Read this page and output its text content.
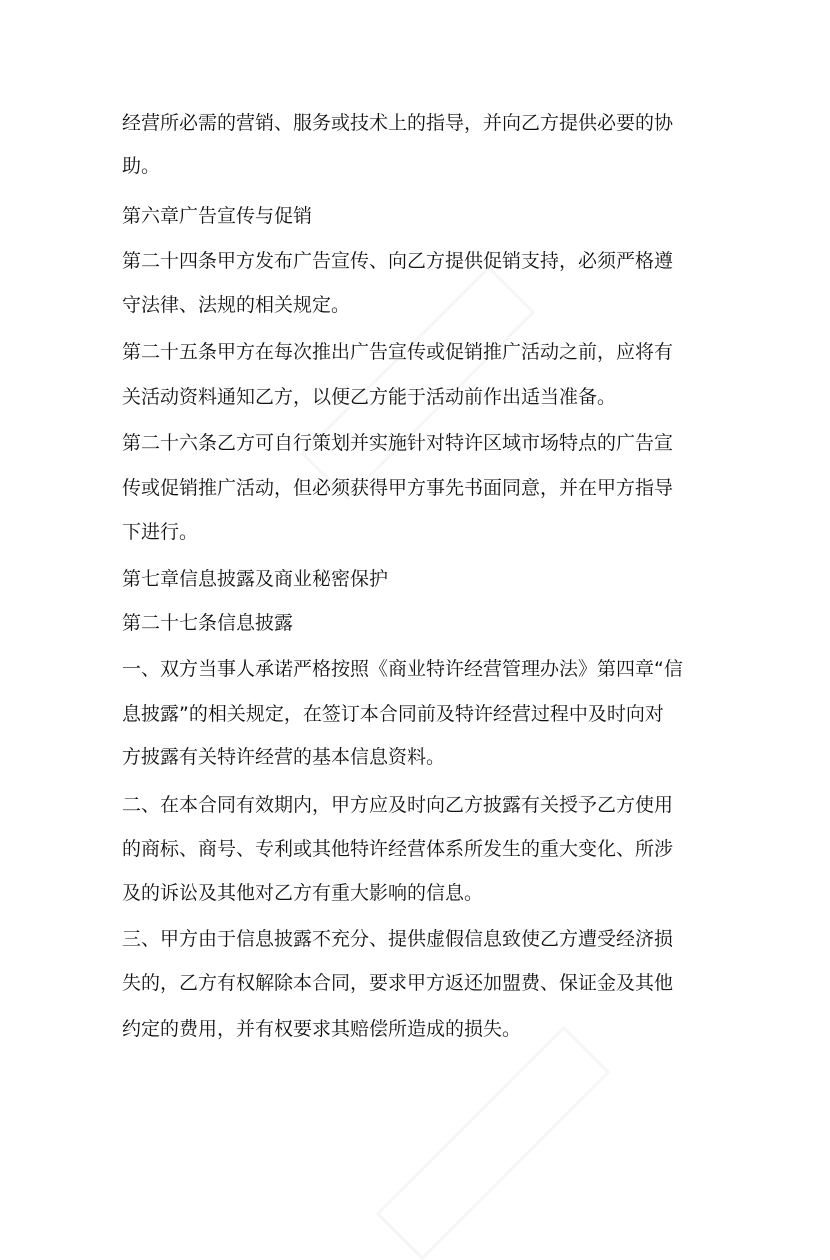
经营所必需的营销、服务或技术上的指导，并向乙方提供必要的协
助。
第六章广告宣传与促销
第二十四条甲方发布广告宣传、向乙方提供促销支持，必须严格遵
守法律、法规的相关规定。
第二十五条甲方在每次推出广告宣传或促销推广活动之前，应将有
关活动资料通知乙方，以便乙方能于活动前作出适当准备。
第二十六条乙方可自行策划并实施针对特许区域市场特点的广告宣
传或促销推广活动，但必须获得甲方事先书面同意，并在甲方指导
下进行。
第七章信息披露及商业秘密保护
第二十七条信息披露
一、双方当事人承诺严格按照《商业特许经营管理办法》第四章“信
息披露”的相关规定，在签订本合同前及特许经营过程中及时向对
方披露有关特许经营的基本信息资料。
二、在本合同有效期内，甲方应及时向乙方披露有关授予乙方使用
的商标、商号、专利或其他特许经营体系所发生的重大变化、所涉
及的诉讼及其他对乙方有重大影响的信息。
三、甲方由于信息披露不充分、提供虚假信息致使乙方遭受经济损
失的，乙方有权解除本合同，要求甲方返还加盟费、保证金及其他
约定的费用，并有权要求其赔偿所造成的损失。
